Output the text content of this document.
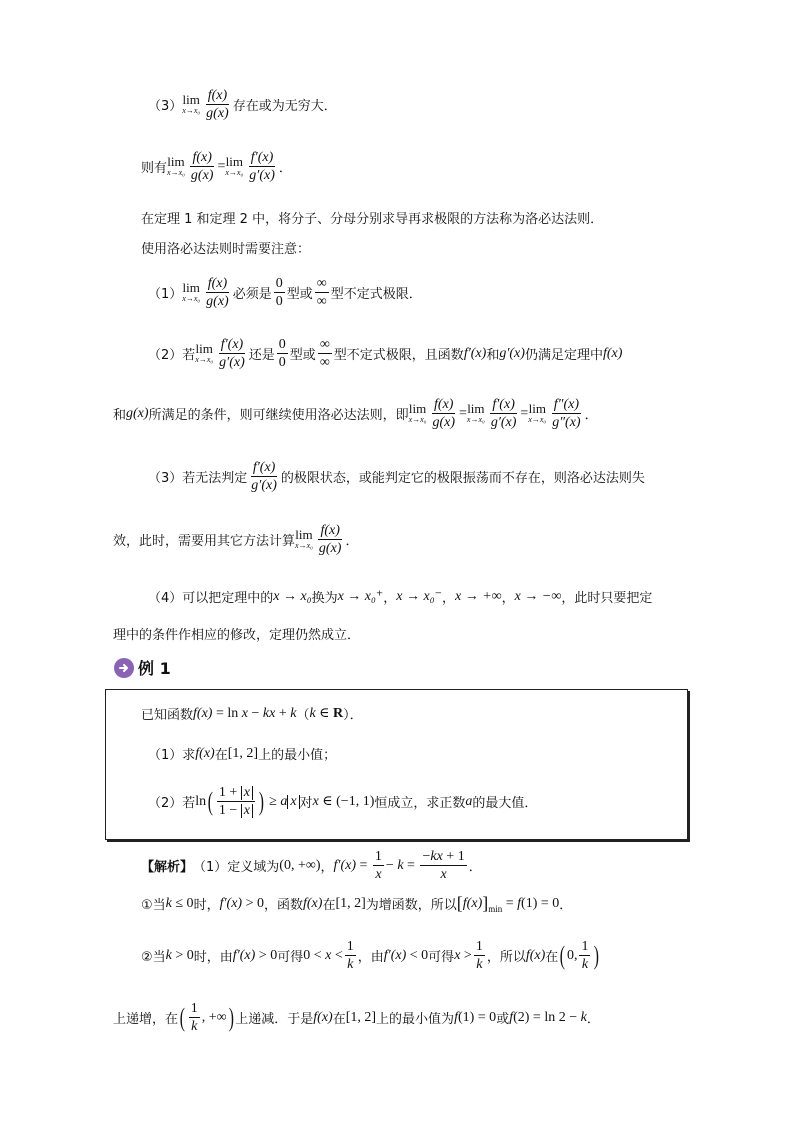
（3） lim
$x\to x_0 \frac{f(x)}{g(x)}$ 存在或为无穷大．
则有 lim
$x\to x_0 \frac{f(x)}{g(x)} = \lim$
$x\to x_0 \frac{f'(x)}{g'(x)}$ ．
在定理 1 和定理 2 中，将分子、分母分别求导再求极限的方法称为洛必达法则．
使用洛必达法则时需要注意：
（1） lim
$x\to x_0 \frac{f(x)}{g(x)}$ 必须是 $\frac{0}{0}$ 型或 $\frac{\infty}{\infty}$ 型不定式极限．
（2）若 lim
$x\to x_0 \frac{f'(x)}{g'(x)}$ 还是 $\frac{0}{0}$ 型或 $\frac{\infty}{\infty}$ 型不定式极限，且函数 f′(x) 和 g′(x) 仍满足定理中 f(x)
和 g(x) 所满足的条件，则可继续使用洛必达法则，即 lim
$x\to x_0 \frac{f(x)}{g(x)} = \lim$
$x\to x_0 \frac{f'(x)}{g'(x)} = \lim$
$x\to x_0 \frac{f''(x)}{g''(x)}$ ．
（3）若无法判定 $\frac{f'(x)}{g'(x)}$ 的极限状态，或能判定它的极限振荡而不存在，则洛必达法则失
效，此时，需要用其它方法计算 lim
$x\to x_0 \frac{f(x)}{g(x)}$ ．
（4）可以把定理中的 x → x₀ 换为 x → x₀⁺ ， x → x₀⁻ ， x → +∞ ， x → −∞ ，此时只要把定
理中的条件作相应的修改，定理仍然成立．
例 1
已知函数 f(x) = ln x − kx + k （ k ∈ R ）．
（1）求 f(x) 在 [1, 2] 上的最小值；
（2）若 ln ( $\frac{1 + x}{1 - x}$ ) ≥ a x 对 x ∈ (−1, 1) 恒成立，求正数 a 的最大值．
【解析】 （1）定义域为 (0, +∞) ， $f'(x) = \frac{1}{x} - k = \frac{-kx + 1}{x}$ ．
①当 k ≤ 0 时， f′(x) > 0 ，函数 f(x) 在 [1, 2] 为增函数，所以 [ f(x) ] min = f (1) = 0 ．
②当 k > 0 时，由 f′(x) > 0 可得 $0 < x < \frac{1}{k}$ ，由 f′(x) < 0 可得 $x > \frac{1}{k}$ ，所以 f(x) 在 ( 0, $\frac{1}{k}$ )
上递增，在 ( $\frac{1}{k}$ , +∞ ) 上递减．于是 f(x) 在 [1, 2] 上的最小值为 f (1) = 0 或 f (2) = ln 2 − k ．
